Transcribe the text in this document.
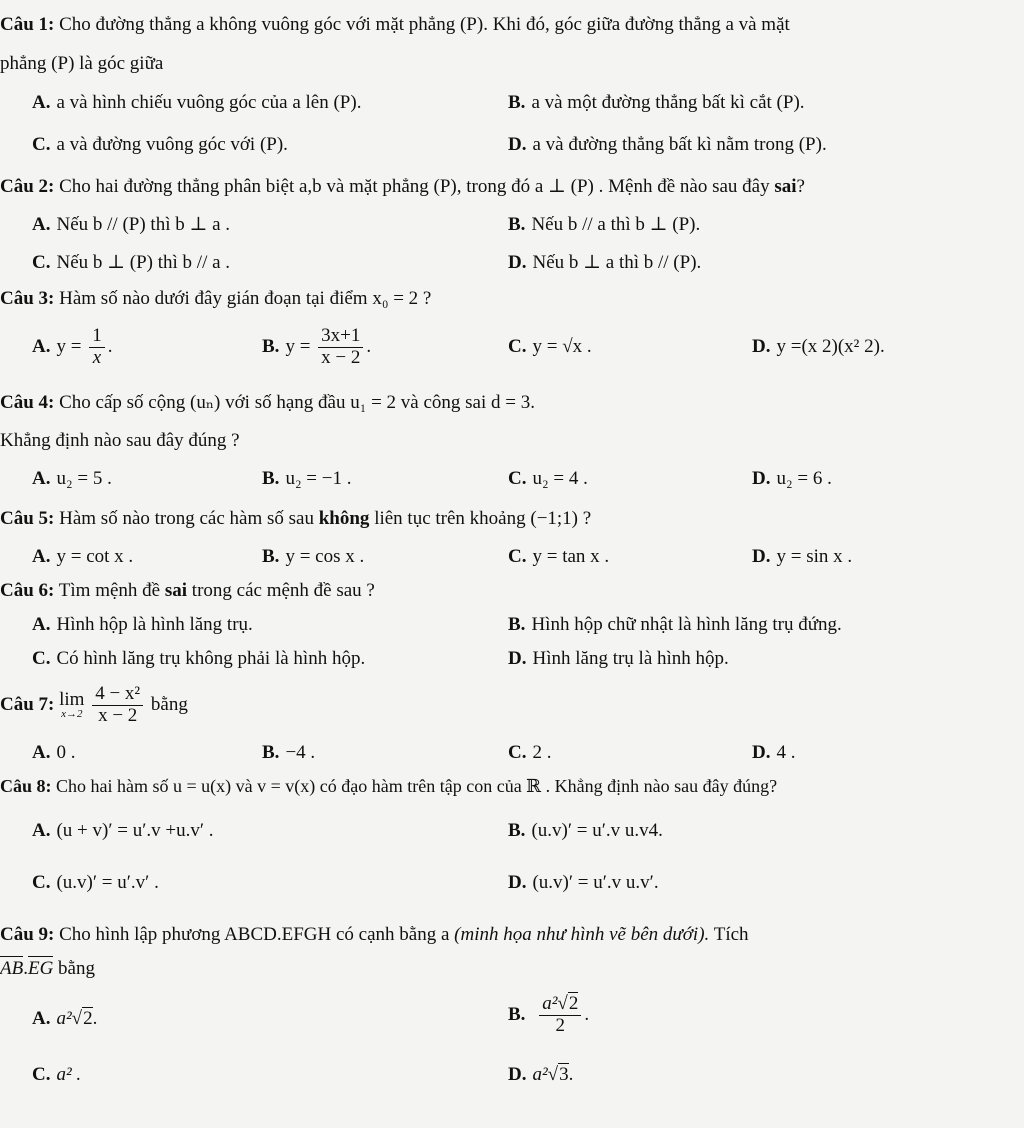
Câu 1: Cho đường thẳng a không vuông góc với mặt phẳng (P). Khi đó, góc giữa đường thẳng a và mặt
phẳng (P) là góc giữa
A. a và hình chiếu vuông góc của a lên (P).	B. a và một đường thẳng bất kì cắt (P).
C. a và đường vuông góc với (P).	D. a và đường thẳng bất kì nằm trong (P).
Câu 2: Cho hai đường thẳng phân biệt a,b và mặt phẳng (P), trong đó a ⊥ (P) . Mệnh đề nào sau đây sai?
A. Nếu b // (P) thì b ⊥ a .	B. Nếu b // a thì b ⊥ (P).
C. Nếu b ⊥ (P) thì b // a .	D. Nếu b ⊥ a thì b // (P).
Câu 3: Hàm số nào dưới đây gián đoạn tại điểm x₀ = 2 ?
A. $y = \frac{1}{x}$ .	B. $y = \frac{3x+1}{x - 2}$ .	C. y = √x .	D. y =(x 2)(x² 2).
Câu 4: Cho cấp số cộng (uₙ) với số hạng đầu u₁ = 2 và công sai d = 3.
Khẳng định nào sau đây đúng ?
A. u₂ = 5 .	B. u₂ = −1 .	C. u₂ = 4 .	D. u₂ = 6 .
Câu 5: Hàm số nào trong các hàm số sau không liên tục trên khoảng (−1;1) ?
A. y = cot x .	B. y = cos x .	C. y = tan x .	D. y = sin x .
Câu 6: Tìm mệnh đề sai trong các mệnh đề sau ?
A. Hình hộp là hình lăng trụ.	B. Hình hộp chữ nhật là hình lăng trụ đứng.
C. Có hình lăng trụ không phải là hình hộp.	D. Hình lăng trụ là hình hộp.
Câu 7: lim
x→2
$\frac{\text{4 − x²}}{x - 2}$ bằng
A. 0 .	B. −4 .	C. 2 .	D. 4 .
Câu 8: Cho hai hàm số u = u(x) và v = v(x) có đạo hàm trên tập con của ℝ . Khẳng định nào sau đây đúng?
A. (u + v)′ = u′.v +u.v′ .	B. (u.v)′ = u′.v u.v4.
C. (u.v)′ = u′.v′ .	D. (u.v)′ = u′.v u.v′.
Câu 9: Cho hình lập phương ABCD.EFGH có cạnh bằng a (minh họa như hình vẽ bên dưới). Tích
AB.EG bằng
A. a²√2.	B. $\frac{\text{a²√2}}{2}$ .
C. a² .	D. a²√3.
